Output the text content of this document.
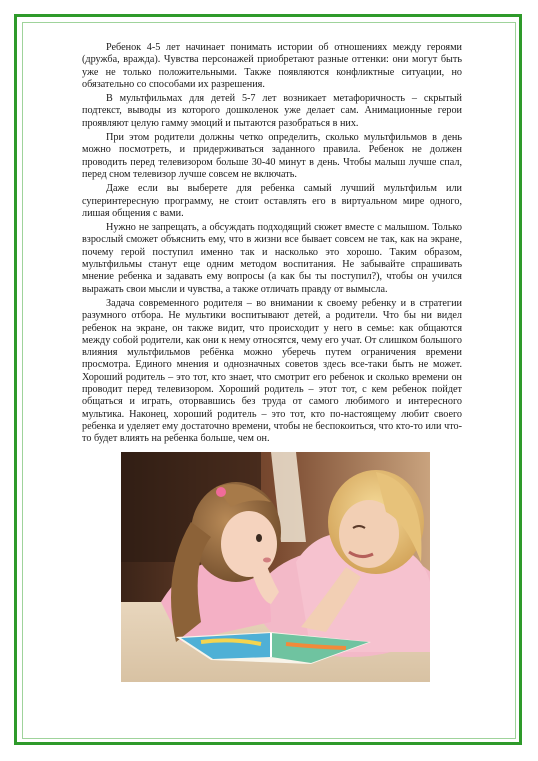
Ребенок 4-5 лет начинает понимать истории об отношениях между героями (дружба, вражда). Чувства персонажей приобретают разные оттенки: они могут быть уже не только положительными. Также появляются конфликтные ситуации, но обязательно со способами их разрешения.

В мультфильмах для детей 5-7 лет возникает метафоричность – скрытый подтекст, выводы из которого дошколенок уже делает сам. Анимационные герои проявляют целую гамму эмоций и пытаются разобраться в них.

При этом родители должны четко определить, сколько мультфильмов в день можно посмотреть, и придерживаться заданного правила. Ребенок не должен проводить перед телевизором больше 30-40 минут в день. Чтобы малыш лучше спал, перед сном телевизор лучше совсем не включать.

Даже если вы выберете для ребенка самый лучший мультфильм или суперинтересную программу, не стоит оставлять его в виртуальном мире одного, лишая общения с вами.

Нужно не запрещать, а обсуждать подходящий сюжет вместе с малышом. Только взрослый сможет объяснить ему, что в жизни все бывает совсем не так, как на экране, почему герой поступил именно так и насколько это хорошо. Таким образом, мультфильмы станут еще одним методом воспитания. Не забывайте спрашивать мнение ребенка и задавать ему вопросы (а как бы ты поступил?), чтобы он учился выражать свои мысли и чувства, а также отличать правду от вымысла.

Задача современного родителя – во внимании к своему ребенку и в стратегии разумного отбора. Не мультики воспитывают детей, а родители. Что бы ни видел ребенок на экране, он также видит, что происходит у него в семье: как общаются между собой родители, как они к нему относятся, чему его учат. От слишком большого влияния мультфильмов ребёнка можно уберечь путем ограничения времени просмотра. Единого мнения и однозначных советов здесь все-таки быть не может. Хороший родитель – это тот, кто знает, что смотрит его ребенок и сколько времени он проводит перед телевизором. Хороший родитель – этот тот, с кем ребенок пойдет общаться и играть, оторвавшись без труда от самого любимого и интересного мультика. Наконец, хороший родитель – это тот, кто по-настоящему любит своего ребенка и уделяет ему достаточно времени, чтобы не беспокоиться, что кто-то или что-то будет влиять на ребенка больше, чем он.
